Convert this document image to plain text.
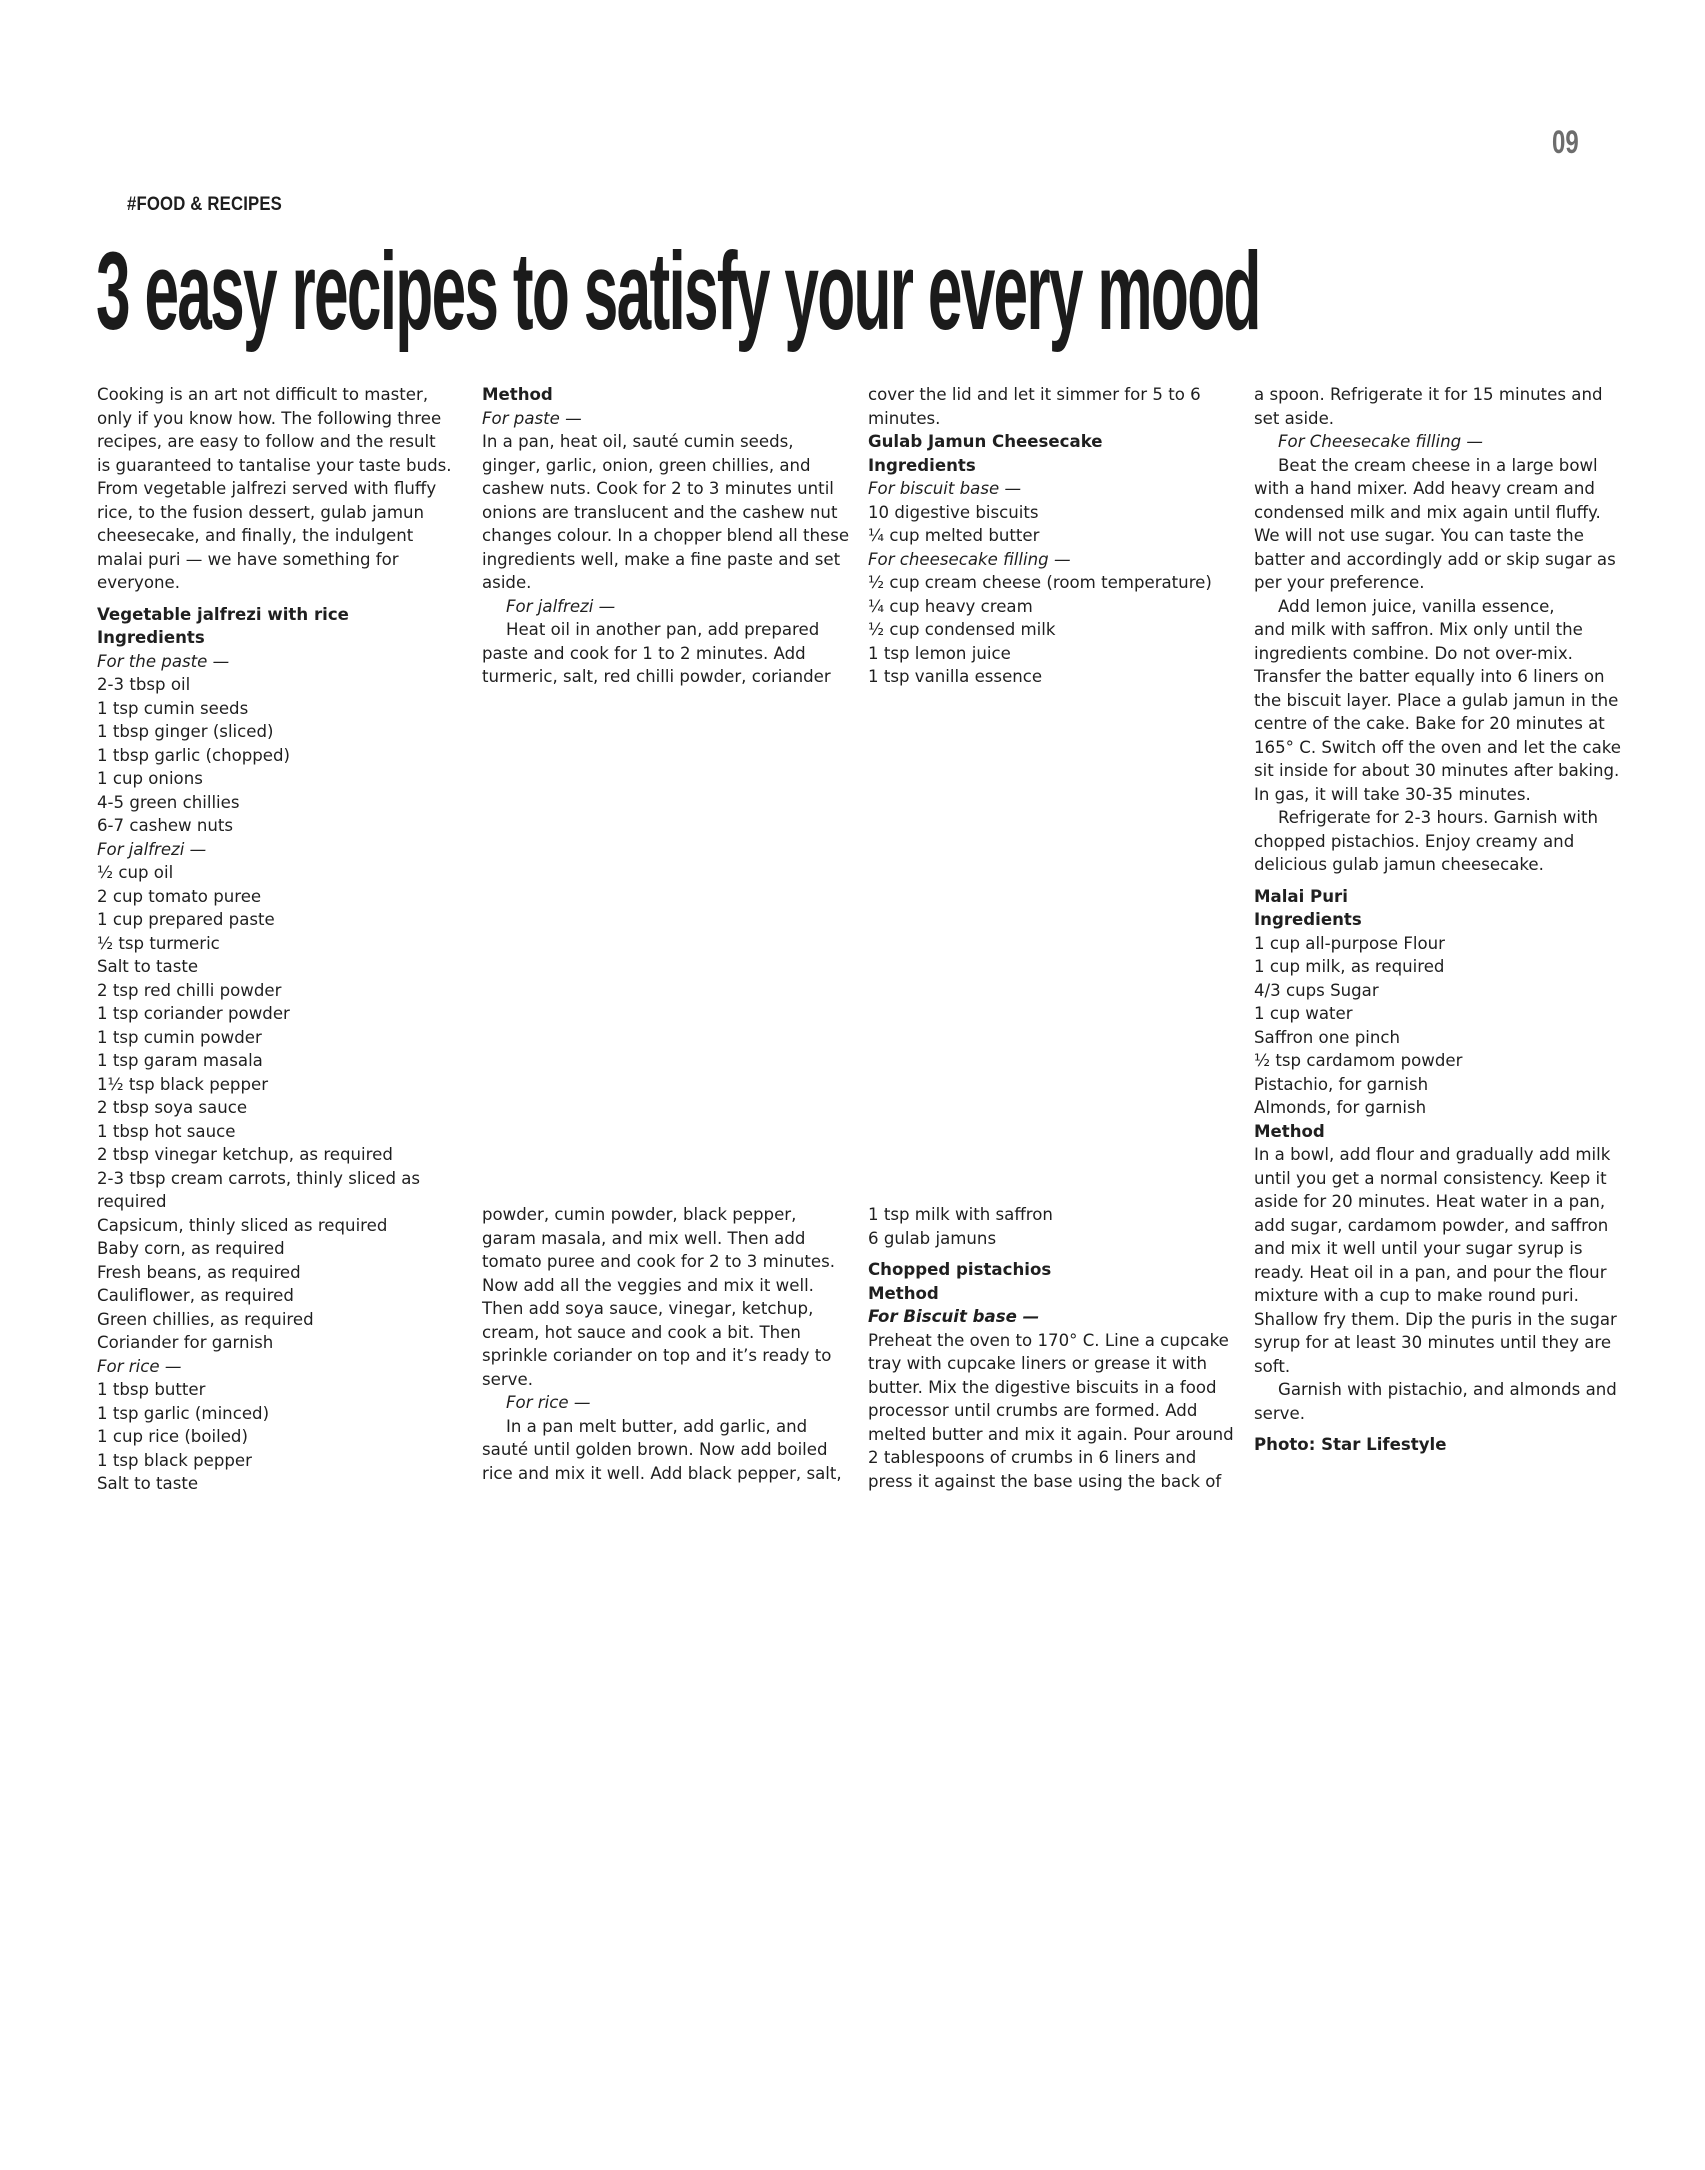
09
#FOOD & RECIPES
3 easy recipes to satisfy your every mood

Cooking is an art not difficult to master,
only if you know how. The following three
recipes, are easy to follow and the result
is guaranteed to tantalise your taste buds.
From vegetable jalfrezi served with fluffy
rice, to the fusion dessert, gulab jamun
cheesecake, and finally, the indulgent
malai puri — we have something for
everyone.

Vegetable jalfrezi with rice
Ingredients
For the paste —
2-3 tbsp oil
1 tsp cumin seeds
1 tbsp ginger (sliced)
1 tbsp garlic (chopped)
1 cup onions
4-5 green chillies
6-7 cashew nuts
For jalfrezi —
½ cup oil
2 cup tomato puree
1 cup prepared paste
½ tsp turmeric
Salt to taste
2 tsp red chilli powder
1 tsp coriander powder
1 tsp cumin powder
1 tsp garam masala
1½ tsp black pepper
2 tbsp soya sauce
1 tbsp hot sauce
2 tbsp vinegar ketchup, as required
2-3 tbsp cream carrots, thinly sliced as
required
Capsicum, thinly sliced as required
Baby corn, as required
Fresh beans, as required
Cauliflower, as required
Green chillies, as required
Coriander for garnish
For rice —
1 tbsp butter
1 tsp garlic (minced)
1 cup rice (boiled)
1 tsp black pepper
Salt to taste

Method
For paste —
In a pan, heat oil, sauté cumin seeds,
ginger, garlic, onion, green chillies, and
cashew nuts. Cook for 2 to 3 minutes until
onions are translucent and the cashew nut
changes colour. In a chopper blend all these
ingredients well, make a fine paste and set
aside.
For jalfrezi —
Heat oil in another pan, add prepared
paste and cook for 1 to 2 minutes. Add
turmeric, salt, red chilli powder, coriander

powder, cumin powder, black pepper,
garam masala, and mix well. Then add
tomato puree and cook for 2 to 3 minutes.
Now add all the veggies and mix it well.
Then add soya sauce, vinegar, ketchup,
cream, hot sauce and cook a bit. Then
sprinkle coriander on top and it’s ready to
serve.
For rice —
In a pan melt butter, add garlic, and
sauté until golden brown. Now add boiled
rice and mix it well. Add black pepper, salt,

cover the lid and let it simmer for 5 to 6
minutes.
Gulab Jamun Cheesecake
Ingredients
For biscuit base —
10 digestive biscuits
¼ cup melted butter
For cheesecake filling —
½ cup cream cheese (room temperature)
¼ cup heavy cream
½ cup condensed milk
1 tsp lemon juice
1 tsp vanilla essence

1 tsp milk with saffron
6 gulab jamuns

Chopped pistachios
Method
For Biscuit base —
Preheat the oven to 170° C. Line a cupcake
tray with cupcake liners or grease it with
butter. Mix the digestive biscuits in a food
processor until crumbs are formed. Add
melted butter and mix it again. Pour around
2 tablespoons of crumbs in 6 liners and
press it against the base using the back of

a spoon. Refrigerate it for 15 minutes and
set aside.
For Cheesecake filling —
Beat the cream cheese in a large bowl
with a hand mixer. Add heavy cream and
condensed milk and mix again until fluffy.
We will not use sugar. You can taste the
batter and accordingly add or skip sugar as
per your preference.
Add lemon juice, vanilla essence,
and milk with saffron. Mix only until the
ingredients combine. Do not over-mix.
Transfer the batter equally into 6 liners on
the biscuit layer. Place a gulab jamun in the
centre of the cake. Bake for 20 minutes at
165° C. Switch off the oven and let the cake
sit inside for about 30 minutes after baking.
In gas, it will take 30-35 minutes.
Refrigerate for 2-3 hours. Garnish with
chopped pistachios. Enjoy creamy and
delicious gulab jamun cheesecake.

Malai Puri
Ingredients
1 cup all-purpose Flour
1 cup milk, as required
4/3 cups Sugar
1 cup water
Saffron one pinch
½ tsp cardamom powder
Pistachio, for garnish
Almonds, for garnish
Method
In a bowl, add flour and gradually add milk
until you get a normal consistency. Keep it
aside for 20 minutes. Heat water in a pan,
add sugar, cardamom powder, and saffron
and mix it well until your sugar syrup is
ready. Heat oil in a pan, and pour the flour
mixture with a cup to make round puri.
Shallow fry them. Dip the puris in the sugar
syrup for at least 30 minutes until they are
soft.
Garnish with pistachio, and almonds and
serve.

Photo: Star Lifestyle
